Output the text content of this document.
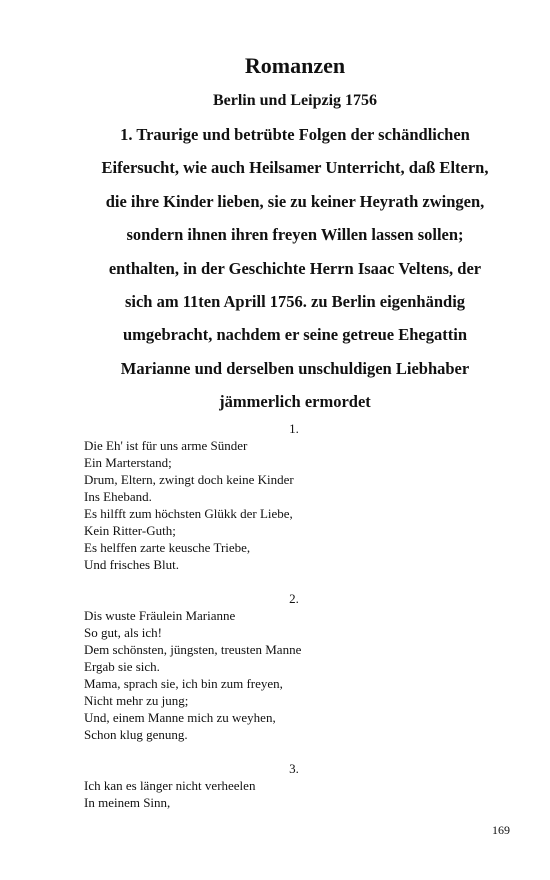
Romanzen
Berlin und Leipzig 1756
1. Traurige und betrübte Folgen der schändlichen
Eifersucht, wie auch Heilsamer Unterricht, daß Eltern,
die ihre Kinder lieben, sie zu keiner Heyrath zwingen,
sondern ihnen ihren freyen Willen lassen sollen;
enthalten, in der Geschichte Herrn Isaac Veltens, der
sich am 11ten Aprill 1756. zu Berlin eigenhändig
umgebracht, nachdem er seine getreue Ehegattin
Marianne und derselben unschuldigen Liebhaber
jämmerlich ermordet
1.
Die Eh' ist für uns arme Sünder
Ein Marterstand;
Drum, Eltern, zwingt doch keine Kinder
Ins Eheband.
Es hilfft zum höchsten Glükk der Liebe,
Kein Ritter-Guth;
Es helffen zarte keusche Triebe,
Und frisches Blut.
2.
Dis wuste Fräulein Marianne
So gut, als ich!
Dem schönsten, jüngsten, treusten Manne
Ergab sie sich.
Mama, sprach sie, ich bin zum freyen,
Nicht mehr zu jung;
Und, einem Manne mich zu weyhen,
Schon klug genung.
3.
Ich kan es länger nicht verheelen
In meinem Sinn,
169
